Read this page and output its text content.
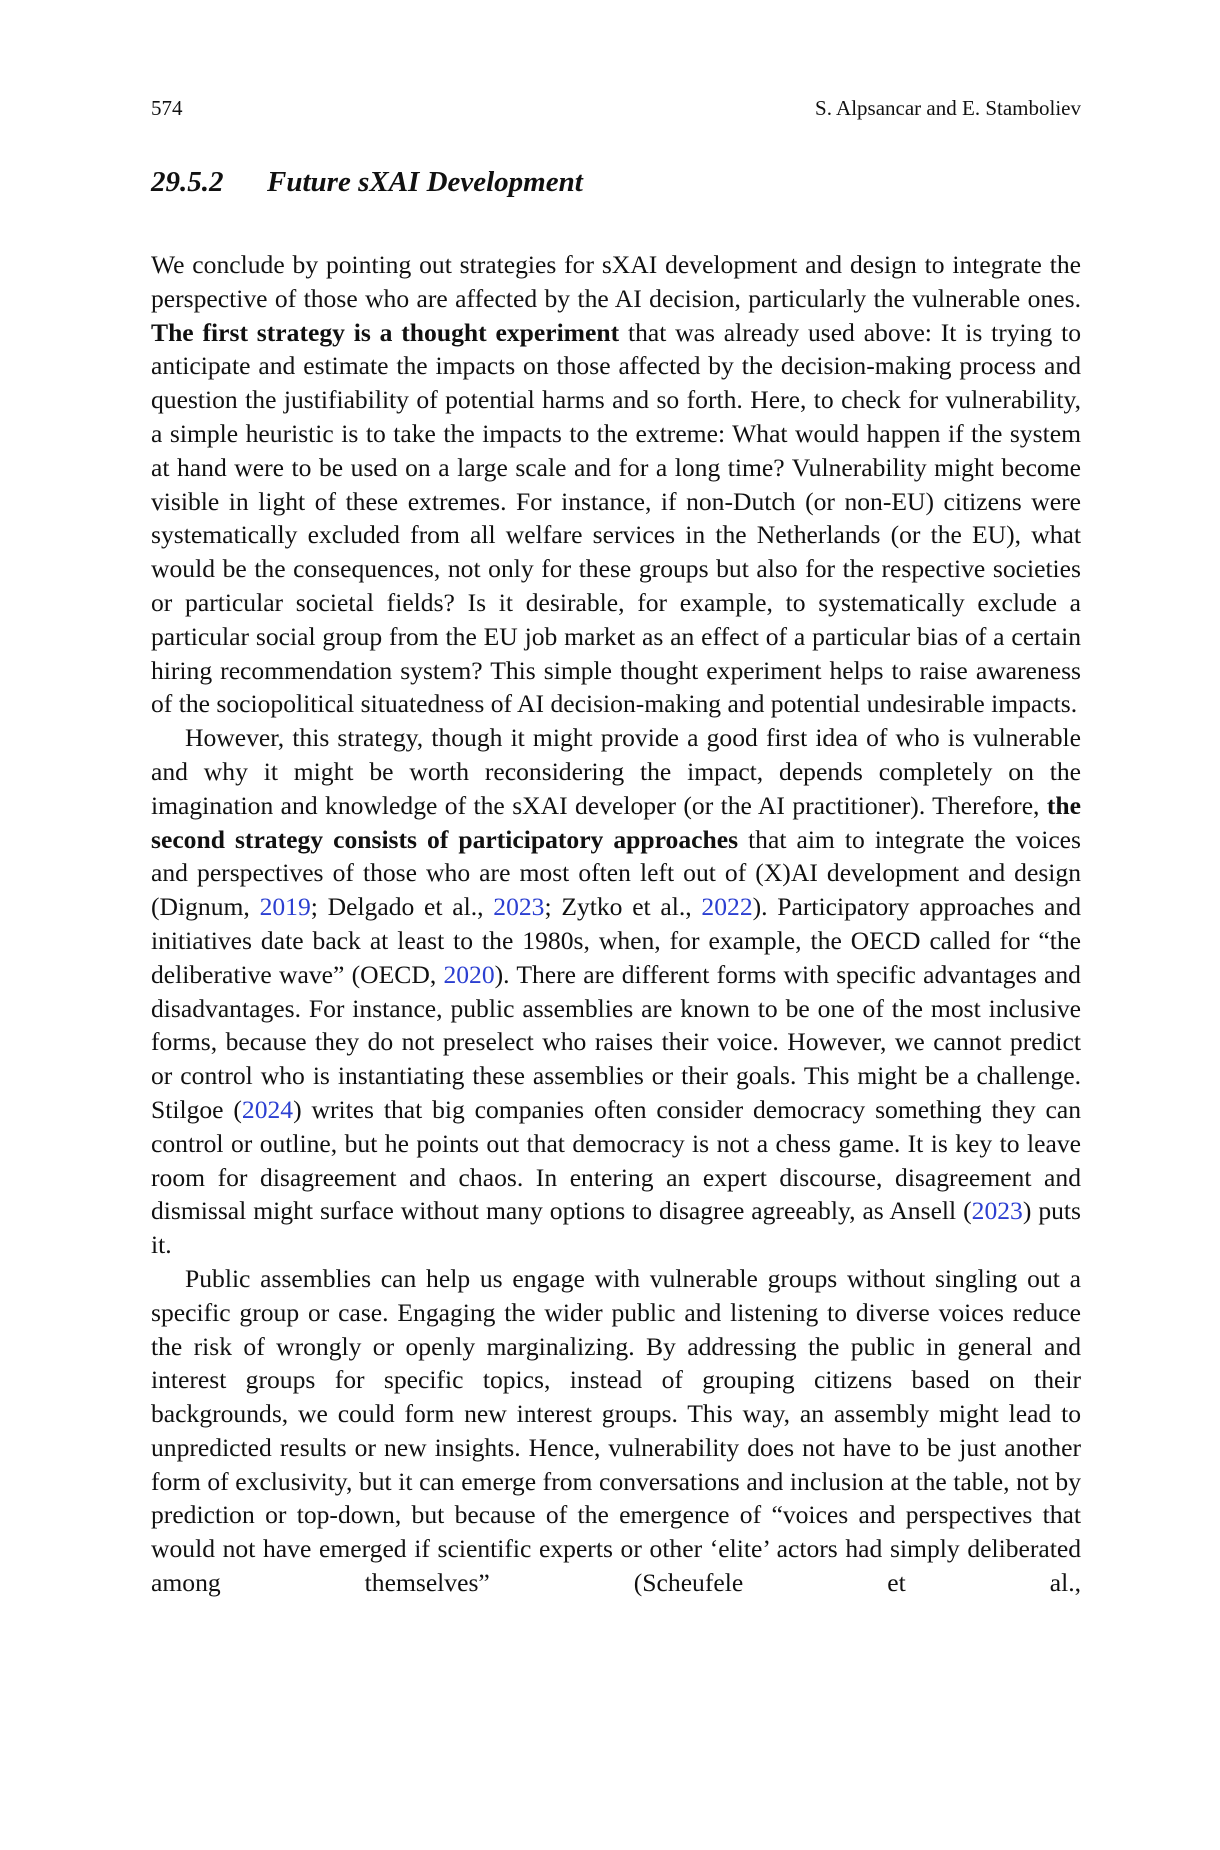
574	S. Alpsancar and E. Stamboliev
29.5.2 Future sXAI Development

We conclude by pointing out strategies for sXAI development and design to integrate the perspective of those who are affected by the AI decision, particularly the vulnerable ones. The first strategy is a thought experiment that was already used above: It is trying to anticipate and estimate the impacts on those affected by the decision-making process and question the justifiability of potential harms and so forth. Here, to check for vulnerability, a simple heuristic is to take the impacts to the extreme: What would happen if the system at hand were to be used on a large scale and for a long time? Vulnerability might become visible in light of these extremes. For instance, if non-Dutch (or non-EU) citizens were systematically excluded from all welfare services in the Netherlands (or the EU), what would be the consequences, not only for these groups but also for the respective societies or particular societal fields? Is it desirable, for example, to systematically exclude a particular social group from the EU job market as an effect of a particular bias of a certain hiring recommendation system? This simple thought experiment helps to raise awareness of the sociopolitical situatedness of AI decision-making and potential undesirable impacts.

However, this strategy, though it might provide a good first idea of who is vulnerable and why it might be worth reconsidering the impact, depends completely on the imagination and knowledge of the sXAI developer (or the AI practitioner). Therefore, the second strategy consists of participatory approaches that aim to integrate the voices and perspectives of those who are most often left out of (X)AI development and design (Dignum, 2019; Delgado et al., 2023; Zytko et al., 2022). Participatory approaches and initiatives date back at least to the 1980s, when, for example, the OECD called for “the deliberative wave” (OECD, 2020). There are different forms with specific advantages and disadvantages. For instance, public assemblies are known to be one of the most inclusive forms, because they do not preselect who raises their voice. However, we cannot predict or control who is instantiating these assemblies or their goals. This might be a challenge. Stilgoe (2024) writes that big companies often consider democracy something they can control or outline, but he points out that democracy is not a chess game. It is key to leave room for disagreement and chaos. In entering an expert discourse, disagreement and dismissal might surface without many options to disagree agreeably, as Ansell (2023) puts it.

Public assemblies can help us engage with vulnerable groups without singling out a specific group or case. Engaging the wider public and listening to diverse voices reduce the risk of wrongly or openly marginalizing. By addressing the public in general and interest groups for specific topics, instead of grouping citizens based on their backgrounds, we could form new interest groups. This way, an assembly might lead to unpredicted results or new insights. Hence, vulnerability does not have to be just another form of exclusivity, but it can emerge from conversations and inclusion at the table, not by prediction or top-down, but because of the emergence of “voices and perspectives that would not have emerged if scientific experts or other ‘elite’ actors had simply deliberated among themselves” (Scheufele et al.,
